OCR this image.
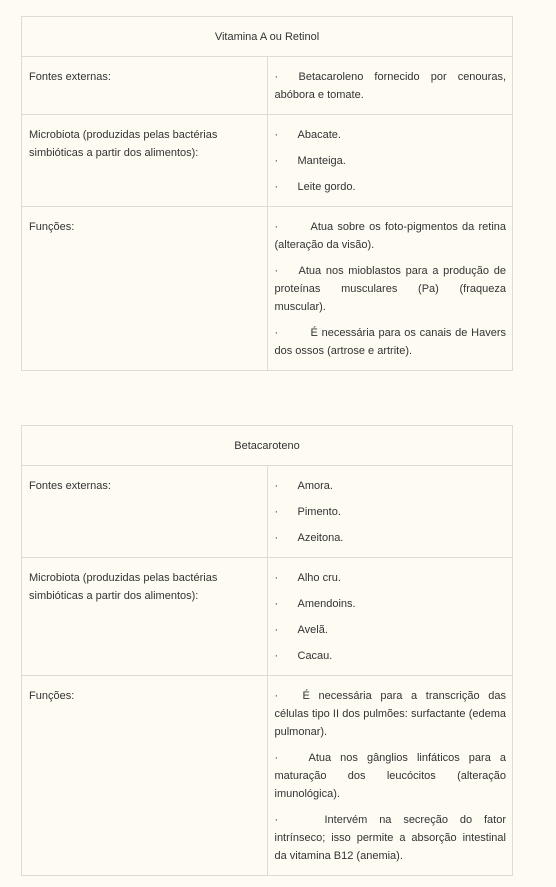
Vitamina A ou Retinol	
Fontes externas:	· Betacaroleno fornecido por cenouras, abóbora e tomate.

Microbiota (produzidas pelas bactérias simbióticas a partir dos alimentos):	· Abacate.
· Manteiga.
· Leite gordo.

Funções:	· Atua sobre os foto-pigmentos da retina (alteração da visão).
· Atua nos mioblastos para a produção de proteínas musculares (Pa) (fraqueza muscular).
· É necessária para os canais de Havers dos ossos (artrose e artrite).
Betacaroteno	
Fontes externas:	· Amora.
· Pimento.
· Azeitona.

Microbiota (produzidas pelas bactérias simbióticas a partir dos alimentos):	· Alho cru.
· Amendoins.
· Avelã.
· Cacau.

Funções:	· É necessária para a transcrição das células tipo II dos pulmões: surfactante (edema pulmonar).
· Atua nos gânglios linfáticos para a maturação dos leucócitos (alteração imunológica).
· Intervém na secreção do fator intrínseco; isso permite a absorção intestinal da vitamina B12 (anemia).
